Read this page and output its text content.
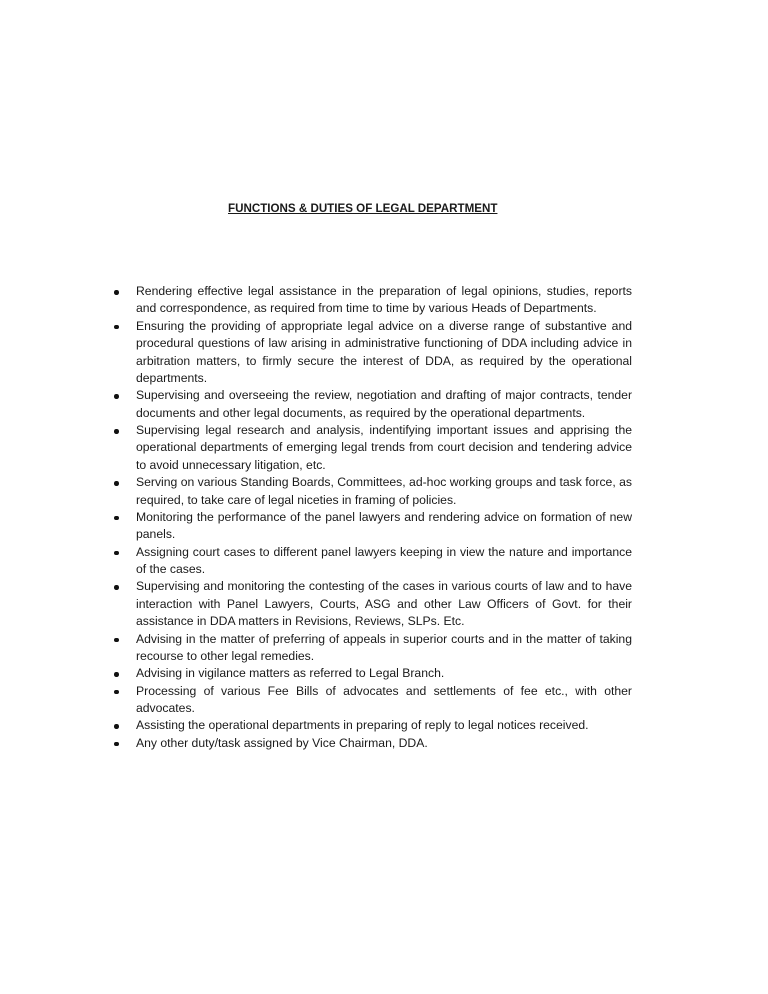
FUNCTIONS & DUTIES OF LEGAL DEPARTMENT
Rendering effective legal assistance in the preparation of legal opinions, studies, reports and correspondence, as required from time to time by various Heads of Departments.
Ensuring the providing of appropriate legal advice on a diverse range of substantive and procedural questions of law arising in administrative functioning of DDA including advice in arbitration matters, to firmly secure the interest of DDA, as required by the operational departments.
Supervising and overseeing the review, negotiation and drafting of major contracts, tender documents and other legal documents, as required by the operational departments.
Supervising legal research and analysis, indentifying important issues and apprising the operational departments of emerging legal trends from court decision and tendering advice to avoid unnecessary litigation, etc.
Serving on various Standing Boards, Committees, ad-hoc working groups and task force, as required, to take care of legal niceties in framing of policies.
Monitoring the performance of the panel lawyers and rendering advice on formation of new panels.
Assigning court cases to different panel lawyers keeping in view the nature and importance of the cases.
Supervising and monitoring the contesting of the cases in various courts of law and to have interaction with Panel Lawyers, Courts, ASG and other Law Officers of Govt. for their assistance in DDA matters in Revisions, Reviews, SLPs. Etc.
Advising in the matter of preferring of appeals in superior courts and in the matter of taking recourse to other legal remedies.
Advising in vigilance matters as referred to Legal Branch.
Processing of various Fee Bills of advocates and settlements of fee etc., with other advocates.
Assisting the operational departments in preparing of reply to legal notices received.
Any other duty/task assigned by Vice Chairman, DDA.
